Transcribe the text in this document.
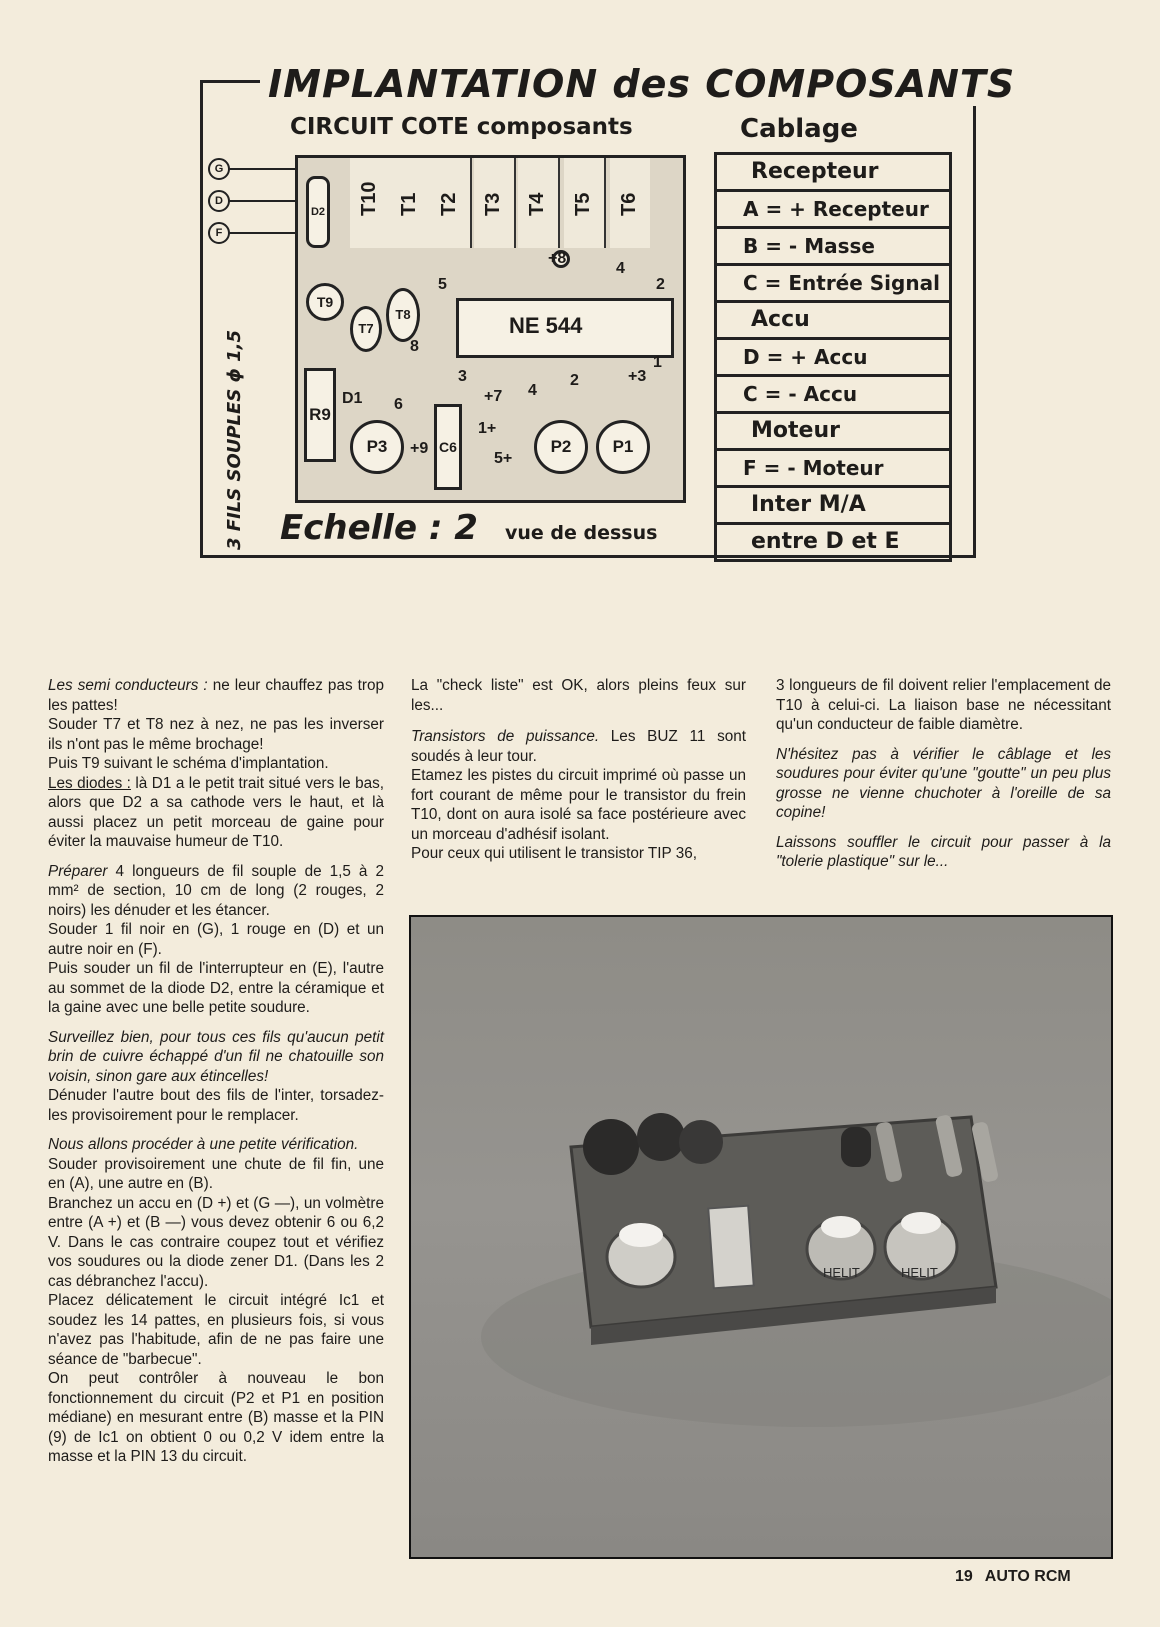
IMPLANTATION des COMPOSANTS
CIRCUIT COTE composants	Cablage
G
D
F
3 FILS SOUPLES ϕ 1,5
T10 T1 T2 T3 T4 T5 T6
NE 544
P3	P2	P1
T9
T7
T8
R9
C6
D1
D2
+8
4
2
5
1
8
3	+3
2
4
+7
1+
6
+9
5+
Recepteur
A = + Recepteur
B = - Masse
C = Entrée Signal
Accu
D = + Accu
C = - Accu
Moteur
F = - Moteur
Inter M/A
entre D et E
Echelle : 2 vue de dessus

Les semi conducteurs : ne leur chauffez pas trop les pattes!

Souder T7 et T8 nez à nez, ne pas les inverser ils n'ont pas le même brochage!

Puis T9 suivant le schéma d'implantation.

Les diodes : là D1 a le petit trait situé vers le bas, alors que D2 a sa cathode vers le haut, et là aussi placez un petit morceau de gaine pour éviter la mauvaise humeur de T10.

Préparer 4 longueurs de fil souple de 1,5 à 2 mm² de section, 10 cm de long (2 rouges, 2 noirs) les dénuder et les étancer.

Souder 1 fil noir en (G), 1 rouge en (D) et un autre noir en (F).

Puis souder un fil de l'interrupteur en (E), l'autre au sommet de la diode D2, entre la céramique et la gaine avec une belle petite soudure.

Surveillez bien, pour tous ces fils qu'aucun petit brin de cuivre échappé d'un fil ne chatouille son voisin, sinon gare aux étincelles!

Dénuder l'autre bout des fils de l'inter, torsadez-les provisoirement pour le remplacer.

Nous allons procéder à une petite vérification.

Souder provisoirement une chute de fil fin, une en (A), une autre en (B).

Branchez un accu en (D +) et (G —), un volmètre entre (A +) et (B —) vous devez obtenir 6 ou 6,2 V. Dans le cas contraire coupez tout et vérifiez vos soudures ou la diode zener D1. (Dans les 2 cas débranchez l'accu).

Placez délicatement le circuit intégré Ic1 et soudez les 14 pattes, en plusieurs fois, si vous n'avez pas l'habitude, afin de ne pas faire une séance de "barbecue".

On peut contrôler à nouveau le bon fonctionnement du circuit (P2 et P1 en position médiane) en mesurant entre (B) masse et la PIN (9) de Ic1 on obtient 0 ou 0,2 V idem entre la masse et la PIN 13 du circuit.

La "check liste" est OK, alors pleins feux sur les...

Transistors de puissance. Les BUZ 11 sont soudés à leur tour.

Etamez les pistes du circuit imprimé où passe un fort courant de même pour le transistor du frein T10, dont on aura isolé sa face postérieure avec un morceau d'adhésif isolant.

Pour ceux qui utilisent le transistor TIP 36,

3 longueurs de fil doivent relier l'emplacement de T10 à celui-ci. La liaison base ne nécessitant qu'un conducteur de faible diamètre.

N'hésitez pas à vérifier le câblage et les soudures pour éviter qu'une "goutte" un peu plus grosse ne vienne chuchoter à l'oreille de sa copine!

Laissons souffler le circuit pour passer à la "tolerie plastique" sur le...

HELIT
HELIT
19 AUTO RCM
